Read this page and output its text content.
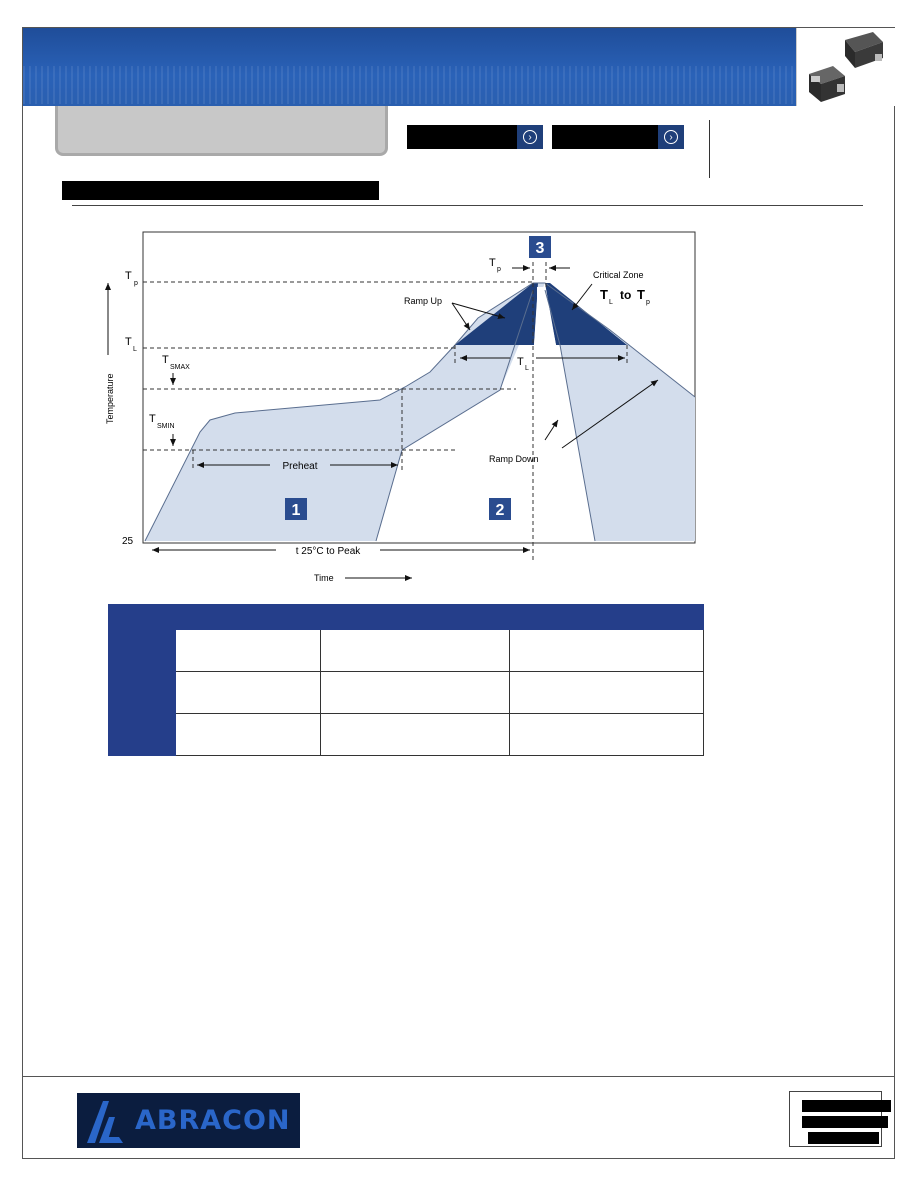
›	›
1	2
3
T
p
T
L
T
SMAX
T
SMIN
Temperature
Time
25
Preheat
t 25°C to Peak
Ramp Up
Ramp Down
Critical Zone
T
L
to T
p
T
p
T
L

ABRACON
